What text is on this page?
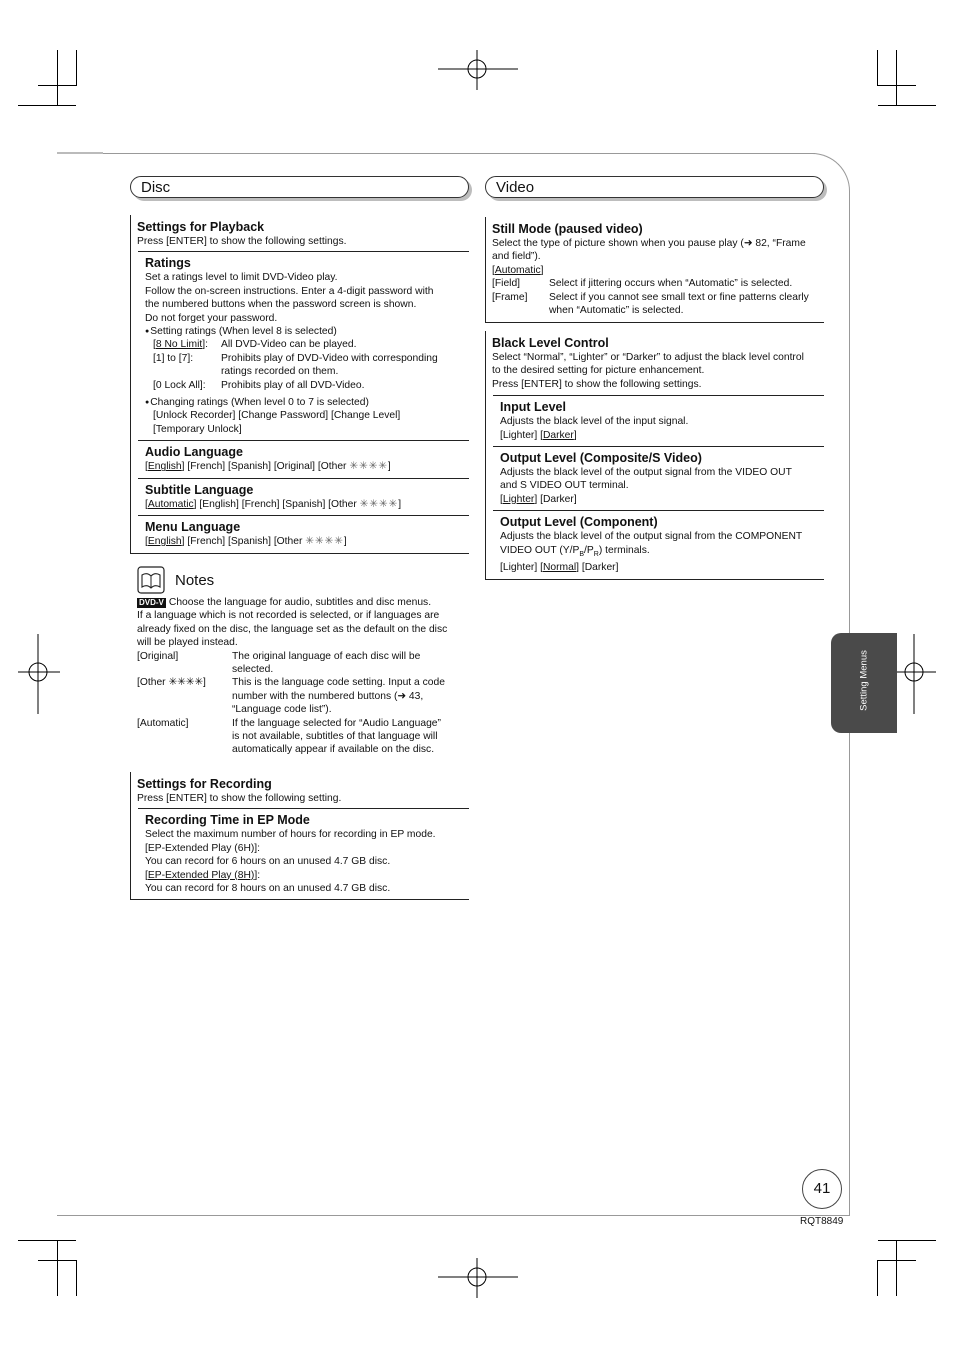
Disc
Settings for Playback
Press [ENTER] to show the following settings.
Ratings
Set a ratings level to limit DVD-Video play.
Follow the on-screen instructions. Enter a 4-digit password with
the numbered buttons when the password screen is shown.
Do not forget your password.
● Setting ratings (When level 8 is selected)
[8 No Limit]:	All DVD-Video can be played.
[1] to [7]:	Prohibits play of DVD-Video with corresponding ratings recorded on them.
[0 Lock All]:	Prohibits play of all DVD-Video.
● Changing ratings (When level 0 to 7 is selected)
[Unlock Recorder] [Change Password] [Change Level]
[Temporary Unlock]
Audio Language
[English] [French] [Spanish] [Original] [Other ✳✳✳✳]
Subtitle Language
[Automatic] [English] [French] [Spanish] [Other ✳✳✳✳]
Menu Language
[English] [French] [Spanish] [Other ✳✳✳✳]
Notes
DVD-V Choose the language for audio, subtitles and disc menus.
If a language which is not recorded is selected, or if languages are
already fixed on the disc, the language set as the default on the disc
will be played instead.
[Original]	The original language of each disc will be
selected.
[Other ✳✳✳✳]	This is the language code setting. Input a code
number with the numbered buttons (➜ 43,
“Language code list”).
[Automatic]	If the language selected for “Audio Language”
is not available, subtitles of that language will
automatically appear if available on the disc.
Settings for Recording
Press [ENTER] to show the following setting.
Recording Time in EP Mode
Select the maximum number of hours for recording in EP mode.
[EP-Extended Play (6H)]:
You can record for 6 hours on an unused 4.7 GB disc.
[EP-Extended Play (8H)]:
You can record for 8 hours on an unused 4.7 GB disc.
Video
Still Mode (paused video)
Select the type of picture shown when you pause play (➜ 82, “Frame
and field”).
[Automatic]
[Field]	Select if jittering occurs when “Automatic” is selected.
[Frame]	Select if you cannot see small text or fine patterns clearly when “Automatic” is selected.
Black Level Control
Select “Normal”, “Lighter” or “Darker” to adjust the black level control
to the desired setting for picture enhancement.
Press [ENTER] to show the following settings.
Input Level
Adjusts the black level of the input signal.
[Lighter] [Darker]
Output Level (Composite/S Video)
Adjusts the black level of the output signal from the VIDEO OUT
and S VIDEO OUT terminal.
[Lighter] [Darker]
Output Level (Component)
Adjusts the black level of the output signal from the COMPONENT
VIDEO OUT $(Y/P_B/P_R)$ terminals.
[Lighter] [Normal] [Darker]
Setting Menus
41
RQT8849
